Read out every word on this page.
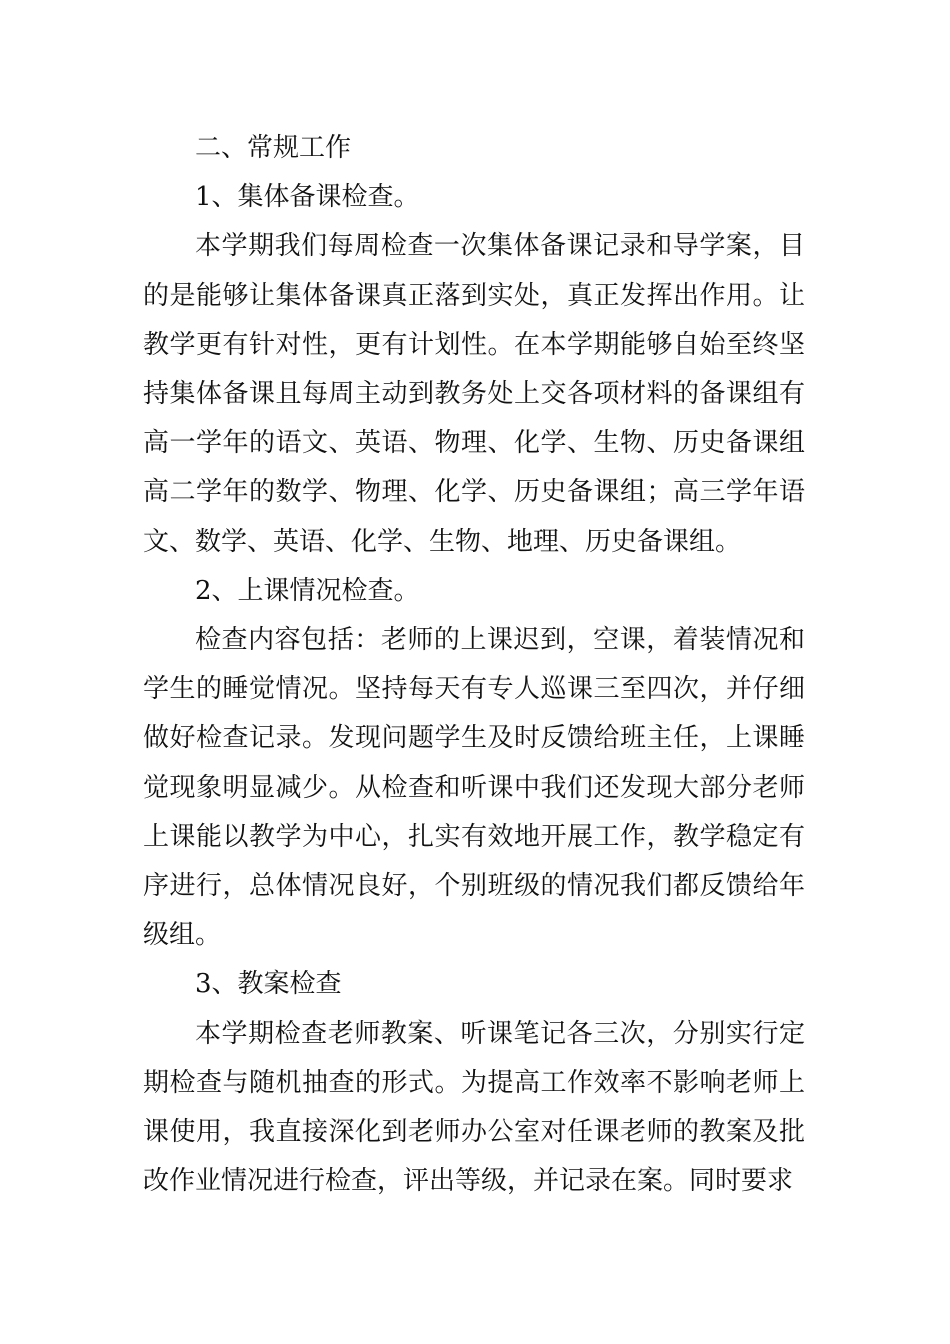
二、常规工作

1、集体备课检查。

本学期我们每周检查一次集体备课记录和导学案，目的是能够让集体备课真正落到实处，真正发挥出作用。让教学更有针对性，更有计划性。在本学期能够自始至终坚持集体备课且每周主动到教务处上交各项材料的备课组有高一学年的语文、英语、物理、化学、生物、历史备课组高二学年的数学、物理、化学、历史备课组；高三学年语文、数学、英语、化学、生物、地理、历史备课组。

2、上课情况检查。

检查内容包括：老师的上课迟到，空课，着装情况和学生的睡觉情况。坚持每天有专人巡课三至四次，并仔细做好检查记录。发现问题学生及时反馈给班主任，上课睡觉现象明显减少。从检查和听课中我们还发现大部分老师上课能以教学为中心，扎实有效地开展工作，教学稳定有序进行，总体情况良好，个别班级的情况我们都反馈给年级组。

3、教案检查

本学期检查老师教案、听课笔记各三次，分别实行定期检查与随机抽查的形式。为提高工作效率不影响老师上课使用，我直接深化到老师办公室对任课老师的教案及批改作业情况进行检查，评出等级，并记录在案。同时要求
